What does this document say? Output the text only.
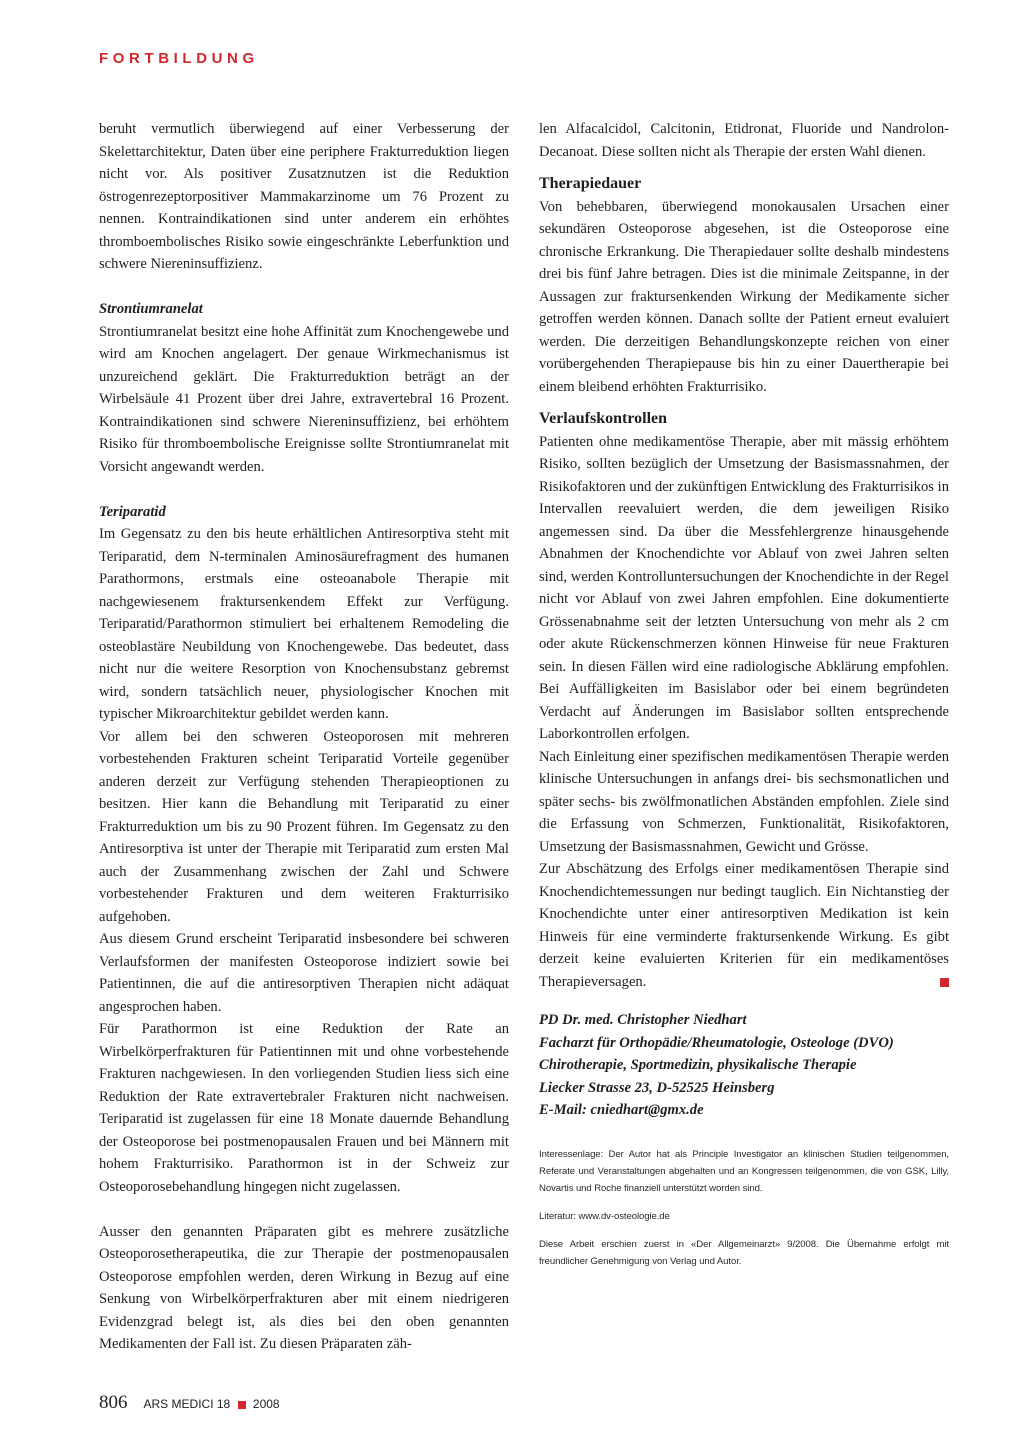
FORTBILDUNG

beruht vermutlich überwiegend auf einer Verbesserung der Skelettarchitektur, Daten über eine periphere Frakturreduktion liegen nicht vor. Als positiver Zusatznutzen ist die Reduktion östrogenrezeptorpositiver Mammakarzinome um 76 Prozent zu nennen. Kontraindikationen sind unter anderem ein erhöhtes thromboembolisches Risiko sowie eingeschränkte Leberfunktion und schwere Niereninsuffizienz.

Strontiumranelat

Strontiumranelat besitzt eine hohe Affinität zum Knochengewebe und wird am Knochen angelagert. Der genaue Wirkmechanismus ist unzureichend geklärt. Die Frakturreduktion beträgt an der Wirbelsäule 41 Prozent über drei Jahre, extravertebral 16 Prozent. Kontraindikationen sind schwere Niereninsuffizienz, bei erhöhtem Risiko für thromboembolische Ereignisse sollte Strontiumranelat mit Vorsicht angewandt werden.

Teriparatid

Im Gegensatz zu den bis heute erhältlichen Antiresorptiva steht mit Teriparatid, dem N-terminalen Aminosäurefragment des humanen Parathormons, erstmals eine osteoanabole Therapie mit nachgewiesenem fraktursenkendem Effekt zur Verfügung. Teriparatid/Parathormon stimuliert bei erhaltenem Remodeling die osteoblastäre Neubildung von Knochengewebe. Das bedeutet, dass nicht nur die weitere Resorption von Knochensubstanz gebremst wird, sondern tatsächlich neuer, physiologischer Knochen mit typischer Mikroarchitektur gebildet werden kann.

Vor allem bei den schweren Osteoporosen mit mehreren vorbestehenden Frakturen scheint Teriparatid Vorteile gegenüber anderen derzeit zur Verfügung stehenden Therapieoptionen zu besitzen. Hier kann die Behandlung mit Teriparatid zu einer Frakturreduktion um bis zu 90 Prozent führen. Im Gegensatz zu den Antiresorptiva ist unter der Therapie mit Teriparatid zum ersten Mal auch der Zusammenhang zwischen der Zahl und Schwere vorbestehender Frakturen und dem weiteren Frakturrisiko aufgehoben.

Aus diesem Grund erscheint Teriparatid insbesondere bei schweren Verlaufsformen der manifesten Osteoporose indiziert sowie bei Patientinnen, die auf die antiresorptiven Therapien nicht adäquat angesprochen haben.

Für Parathormon ist eine Reduktion der Rate an Wirbelkörperfrakturen für Patientinnen mit und ohne vorbestehende Frakturen nachgewiesen. In den vorliegenden Studien liess sich eine Reduktion der Rate extravertebraler Frakturen nicht nachweisen. Teriparatid ist zugelassen für eine 18 Monate dauernde Behandlung der Osteoporose bei postmenopausalen Frauen und bei Männern mit hohem Frakturrisiko. Parathormon ist in der Schweiz zur Osteoporosebehandlung hingegen nicht zugelassen.

Ausser den genannten Präparaten gibt es mehrere zusätzliche Osteoporosetherapeutika, die zur Therapie der postmenopausalen Osteoporose empfohlen werden, deren Wirkung in Bezug auf eine Senkung von Wirbelkörperfrakturen aber mit einem niedrigeren Evidenzgrad belegt ist, als dies bei den oben genannten Medikamenten der Fall ist. Zu diesen Präparaten zäh-

len Alfacalcidol, Calcitonin, Etidronat, Fluoride und Nandrolon-Decanoat. Diese sollten nicht als Therapie der ersten Wahl dienen.

Therapiedauer

Von behebbaren, überwiegend monokausalen Ursachen einer sekundären Osteoporose abgesehen, ist die Osteoporose eine chronische Erkrankung. Die Therapiedauer sollte deshalb mindestens drei bis fünf Jahre betragen. Dies ist die minimale Zeitspanne, in der Aussagen zur fraktursenkenden Wirkung der Medikamente sicher getroffen werden können. Danach sollte der Patient erneut evaluiert werden. Die derzeitigen Behandlungskonzepte reichen von einer vorübergehenden Therapiepause bis hin zu einer Dauertherapie bei einem bleibend erhöhten Frakturrisiko.

Verlaufskontrollen

Patienten ohne medikamentöse Therapie, aber mit mässig erhöhtem Risiko, sollten bezüglich der Umsetzung der Basismassnahmen, der Risikofaktoren und der zukünftigen Entwicklung des Frakturrisikos in Intervallen reevaluiert werden, die dem jeweiligen Risiko angemessen sind. Da über die Messfehlergrenze hinausgehende Abnahmen der Knochendichte vor Ablauf von zwei Jahren selten sind, werden Kontrolluntersuchungen der Knochendichte in der Regel nicht vor Ablauf von zwei Jahren empfohlen. Eine dokumentierte Grössenabnahme seit der letzten Untersuchung von mehr als 2 cm oder akute Rückenschmerzen können Hinweise für neue Frakturen sein. In diesen Fällen wird eine radiologische Abklärung empfohlen. Bei Auffälligkeiten im Basislabor oder bei einem begründeten Verdacht auf Änderungen im Basislabor sollten entsprechende Laborkontrollen erfolgen.

Nach Einleitung einer spezifischen medikamentösen Therapie werden klinische Untersuchungen in anfangs drei- bis sechsmonatlichen und später sechs- bis zwölfmonatlichen Abständen empfohlen. Ziele sind die Erfassung von Schmerzen, Funktionalität, Risikofaktoren, Umsetzung der Basismassnahmen, Gewicht und Grösse.

Zur Abschätzung des Erfolgs einer medikamentösen Therapie sind Knochendichtemessungen nur bedingt tauglich. Ein Nichtanstieg der Knochendichte unter einer antiresorptiven Medikation ist kein Hinweis für eine verminderte fraktursenkende Wirkung. Es gibt derzeit keine evaluierten Kriterien für ein medikamentöses Therapieversagen.

PD Dr. med. Christopher Niedhart

Facharzt für Orthopädie/Rheumatologie, Osteologe (DVO)

Chirotherapie, Sportmedizin, physikalische Therapie

Liecker Strasse 23, D-52525 Heinsberg

E-Mail: cniedhart@gmx.de

Interessenlage: Der Autor hat als Principle Investigator an klinischen Studien teilgenommen, Referate und Veranstaltungen abgehalten und an Kongressen teilgenommen, die von GSK, Lilly, Novartis und Roche finanziell unterstützt worden sind.

Literatur: www.dv-osteologie.de

Diese Arbeit erschien zuerst in «Der Allgemeinarzt» 9/2008. Die Übernahme erfolgt mit freundlicher Genehmigung von Verlag und Autor.

806 ARS MEDICI 18 2008
